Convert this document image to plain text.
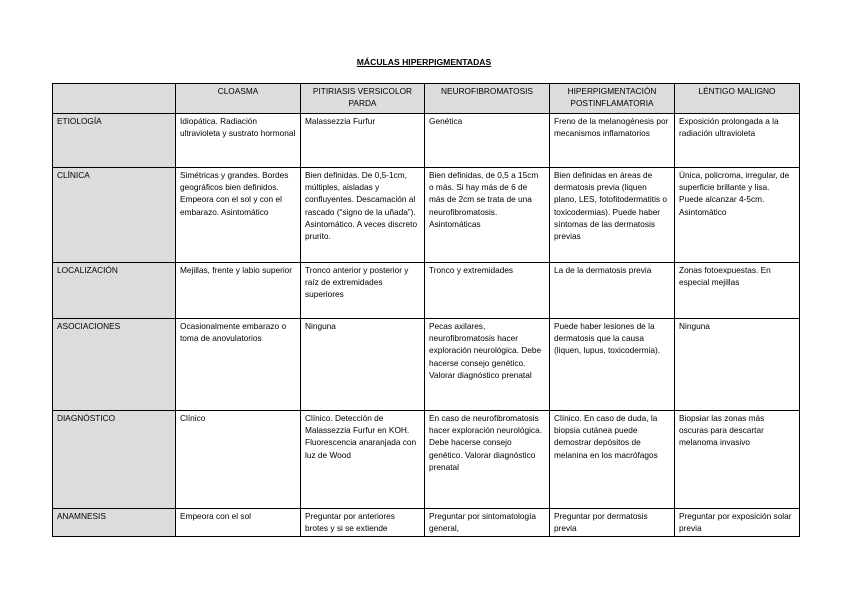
MÁCULAS HIPERPIGMENTADAS
	CLOASMA	PITIRIASIS VERSICOLOR PARDA	NEUROFIBROMATOSIS	HIPERPIGMENTACIÓN POSTINFLAMATORIA	LÉNTIGO MALIGNO
ETIOLOGÍA	Idiopática. Radiación ultravioleta y sustrato hormonal	Malassezzia Furfur	Genética	Freno de la melanogénesis por mecanismos inflamatorios	Exposición prolongada a la radiación ultravioleta
CLÍNICA	Simétricas y grandes. Bordes geográficos bien definidos. Empeora con el sol y con el embarazo. Asintomático	Bien definidas. De 0,5-1cm, múltiples, aisladas y confluyentes. Descamación al rascado (“signo de la uñada”). Asintomático. A veces discreto prurito.	Bien definidas, de 0,5 a 15cm o más. Si hay más de 6 de más de 2cm se trata de una neurofibromatosis. Asintomáticas	Bien definidas en áreas de dermatosis previa (liquen plano, LES, fotofitodermatitis o toxicodermias). Puede haber síntomas de las dermatosis previas	Única, policroma, irregular, de superficie brillante y lisa. Puede alcanzar 4-5cm. Asintomático
LOCALIZACIÓN	Mejillas, frente y labio superior	Tronco anterior y posterior y raíz de extremidades superiores	Tronco y extremidades	La de la dermatosis previa	Zonas fotoexpuestas. En especial mejillas
ASOCIACIONES	Ocasionalmente embarazo o toma de anovulatorios	Ninguna	Pecas axilares, neurofibromatosis hacer exploración neurológica. Debe hacerse consejo genético. Valorar diagnóstico prenatal	Puede haber lesiones de la dermatosis que la causa (liquen, lupus, toxicodermia).	Ninguna
DIAGNÓSTICO	Clínico	Clínico. Detección de Malassezzia Furfur en KOH. Fluorescencia anaranjada con luz de Wood	En caso de neurofibromatosis hacer exploración neurológica. Debe hacerse consejo genético. Valorar diagnóstico prenatal	Clínico. En caso de duda, la biopsia cutánea puede demostrar depósitos de melanina en los macrófagos	Biopsiar las zonas más oscuras para descartar melanoma invasivo
ANAMNESIS	Empeora con el sol	Preguntar por anteriores brotes y si se extiende	Preguntar por sintomatología general,	Preguntar por dermatosis previa	Preguntar por exposición solar previa
